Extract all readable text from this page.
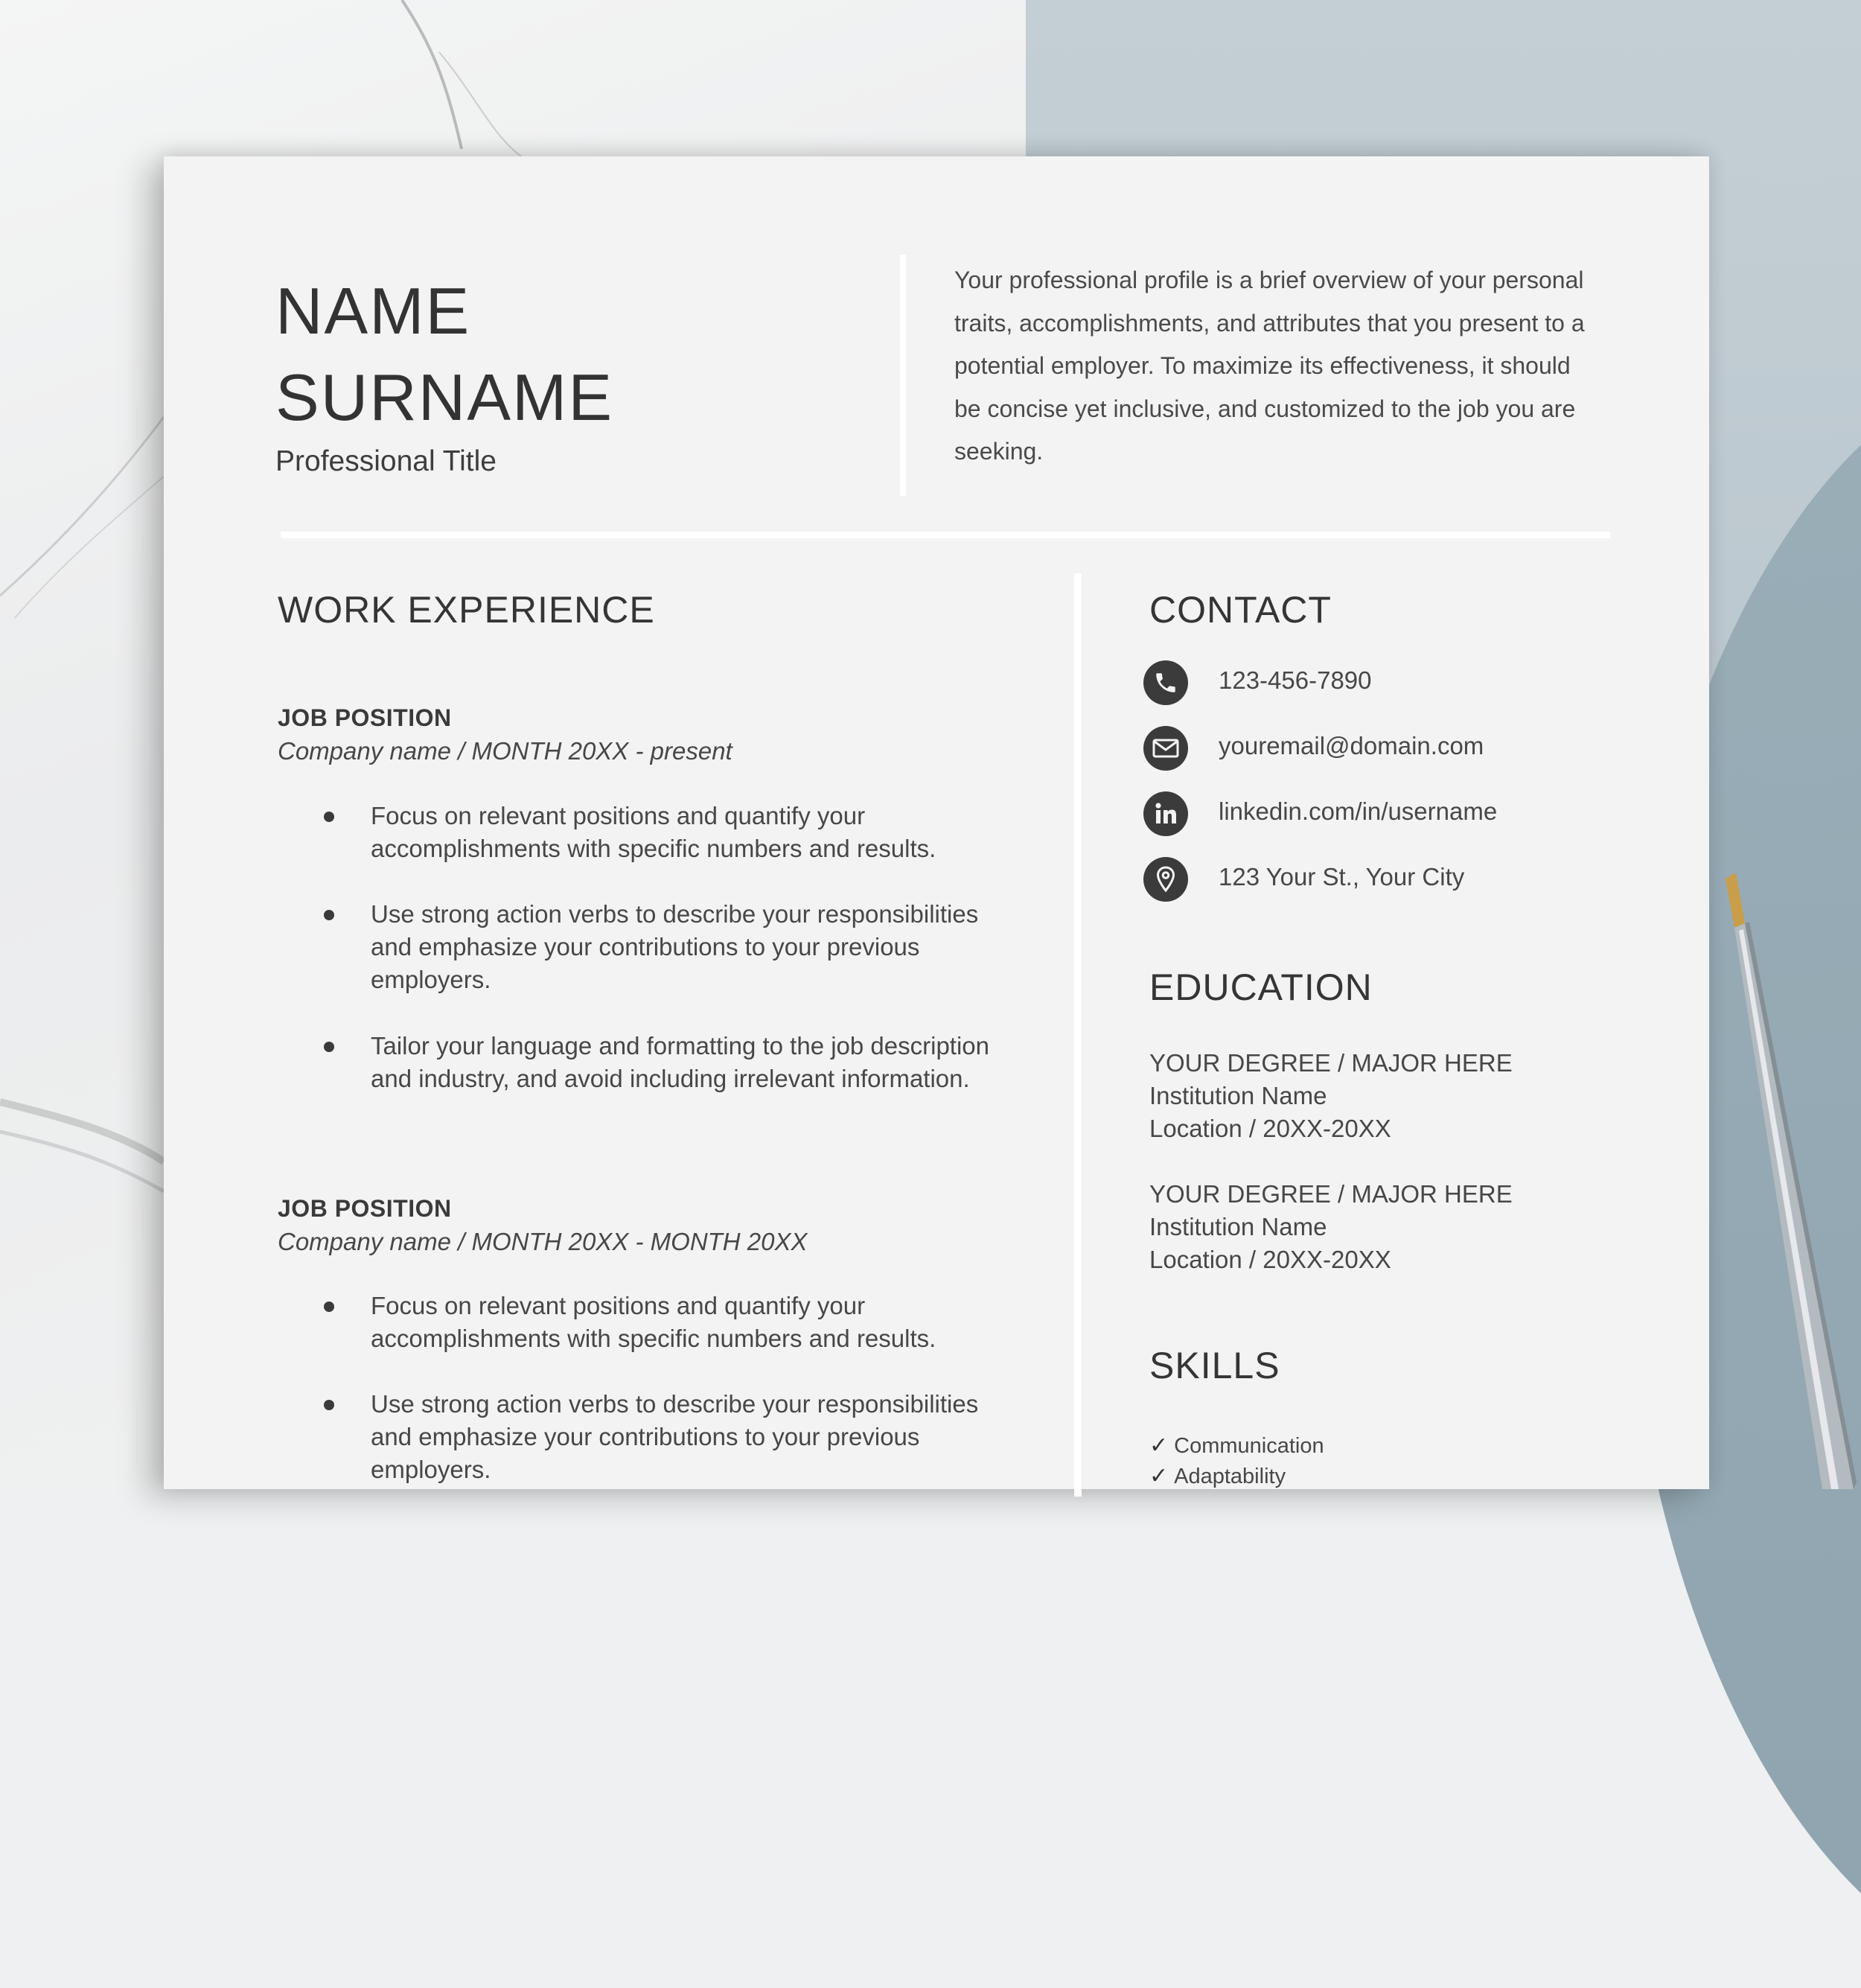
NAME
SURNAME
Professional Title
Your professional profile is a brief overview of your personal traits, accomplishments, and attributes that you present to a potential employer. To maximize its effectiveness, it should be concise yet inclusive, and customized to the job you are seeking.
WORK EXPERIENCE
JOB POSITION
Company name / MONTH 20XX - present
Focus on relevant positions and quantify your accomplishments with specific numbers and results.
Use strong action verbs to describe your responsibilities and emphasize your contributions to your previous employers.
Tailor your language and formatting to the job description and industry, and avoid including irrelevant information.
JOB POSITION
Company name / MONTH 20XX - MONTH 20XX
Focus on relevant positions and quantify your accomplishments with specific numbers and results.
Use strong action verbs to describe your responsibilities and emphasize your contributions to your previous employers.
CONTACT
123-456-7890
youremail@domain.com
linkedin.com/in/username
123 Your St., Your City
EDUCATION
YOUR DEGREE / MAJOR HERE
Institution Name
Location / 20XX-20XX
YOUR DEGREE / MAJOR HERE
Institution Name
Location / 20XX-20XX
SKILLS
✓ Communication
✓ Adaptability
